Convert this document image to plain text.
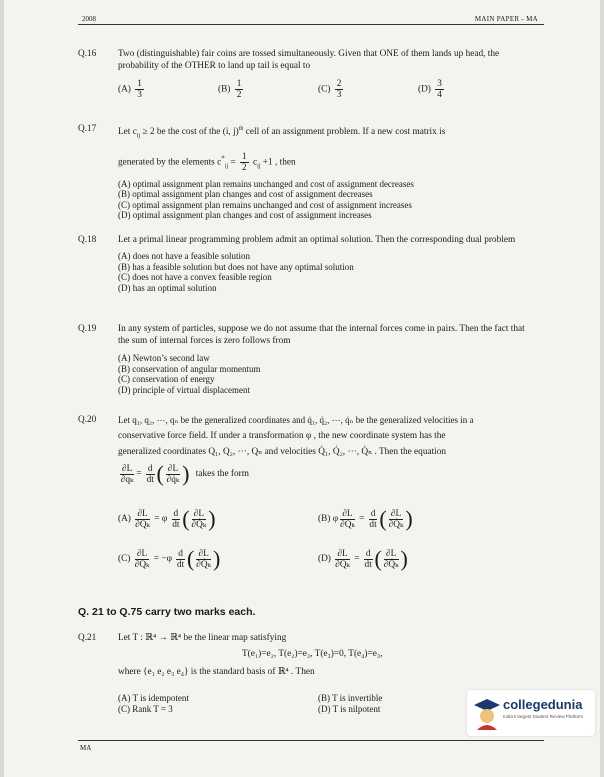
2008	MAIN PAPER - MA
Q.16	Two (distinguishable) fair coins are tossed simultaneously. Given that ONE of them lands up head, the probability of the OTHER to land up tail is equal to
$(A) \frac{1}{3}$	$(B) \frac{1}{2}$	$(C) \frac{2}{3}$	$(D) \frac{3}{4}$
Q.17	Let $c_{ij} \ge 2$ be the cost of the (i, j)$^{th}$ cell of an assignment problem. If a new cost matrix is
generated by the elements $c^*_{ij} = \frac{1}{2} c_{ij} +1$ , then
(A) optimal assignment plan remains unchanged and cost of assignment decreases
(B) optimal assignment plan changes and cost of assignment decreases
(C) optimal assignment plan remains unchanged and cost of assignment increases
(D) optimal assignment plan changes and cost of assignment increases
Q.18	Let a primal linear programming problem admit an optimal solution. Then the corresponding dual problem
(A) does not have a feasible solution
(B) has a feasible solution but does not have any optimal solution
(C) does not have a convex feasible region
(D) has an optimal solution
Q.19	In any system of particles, suppose we do not assume that the internal forces come in pairs. Then the fact that the sum of internal forces is zero follows from
(A) Newton’s second law
(B) conservation of angular momentum
(C) conservation of energy
(D) principle of virtual displacement
Q.20	Let q₁, q₂, ⋯, qₙ be the generalized coordinates and q̇₁, q̇₂, ⋯, q̇ₙ be the generalized velocities in a
conservative force field. If under a transformation φ , the new coordinate system has the
generalized coordinates Q₁, Q₂, ⋯, Qₙ and velocities Q̇₁, Q̇₂, ⋯, Q̇ₙ . Then the equation
$\frac{\partial L}{\text{∂qₖ}} = \frac{d}{dt}$ ( $\frac{\partial L}{\text{∂q̇ₖ}}$ ) takes the form
$(A) \frac{\partial L}{\text{∂Qₖ}} = \varphi \frac{d}{dt}$ ( $\frac{\partial L}{\text{∂Q̇ₖ}}$ )	(B) φ $\frac{\partial L}{\text{∂Qₖ}} = \frac{d}{dt}$ ( $\frac{\partial L}{\text{∂Q̇ₖ}}$ )
$(C) \frac{\partial L}{\text{∂Qₖ}} = -\varphi \frac{d}{dt}$ ( $\frac{\partial L}{\text{∂Q̇ₖ}}$ )	$(D) \frac{\partial L}{\text{∂Qₖ}} = \frac{d}{dt}$ ( $\frac{\partial L}{\text{∂Q̇ₖ}}$ )
Q. 21 to Q.75 carry two marks each.
Q.21	Let T : ℝ⁴ → ℝ⁴ be the linear map satisfying
T(e₁)=e₂, T(e₂)=e₃, T(e₃)=0, T(e₄)=e₃,
where {e₁ e₂ e₃ e₄} is the standard basis of ℝ⁴ . Then
(A) T is idempotent	(B) T is invertible
(C) Rank T = 3	(D) T is nilpotent
MA
collegedunia
India's largest Student Review Platform
